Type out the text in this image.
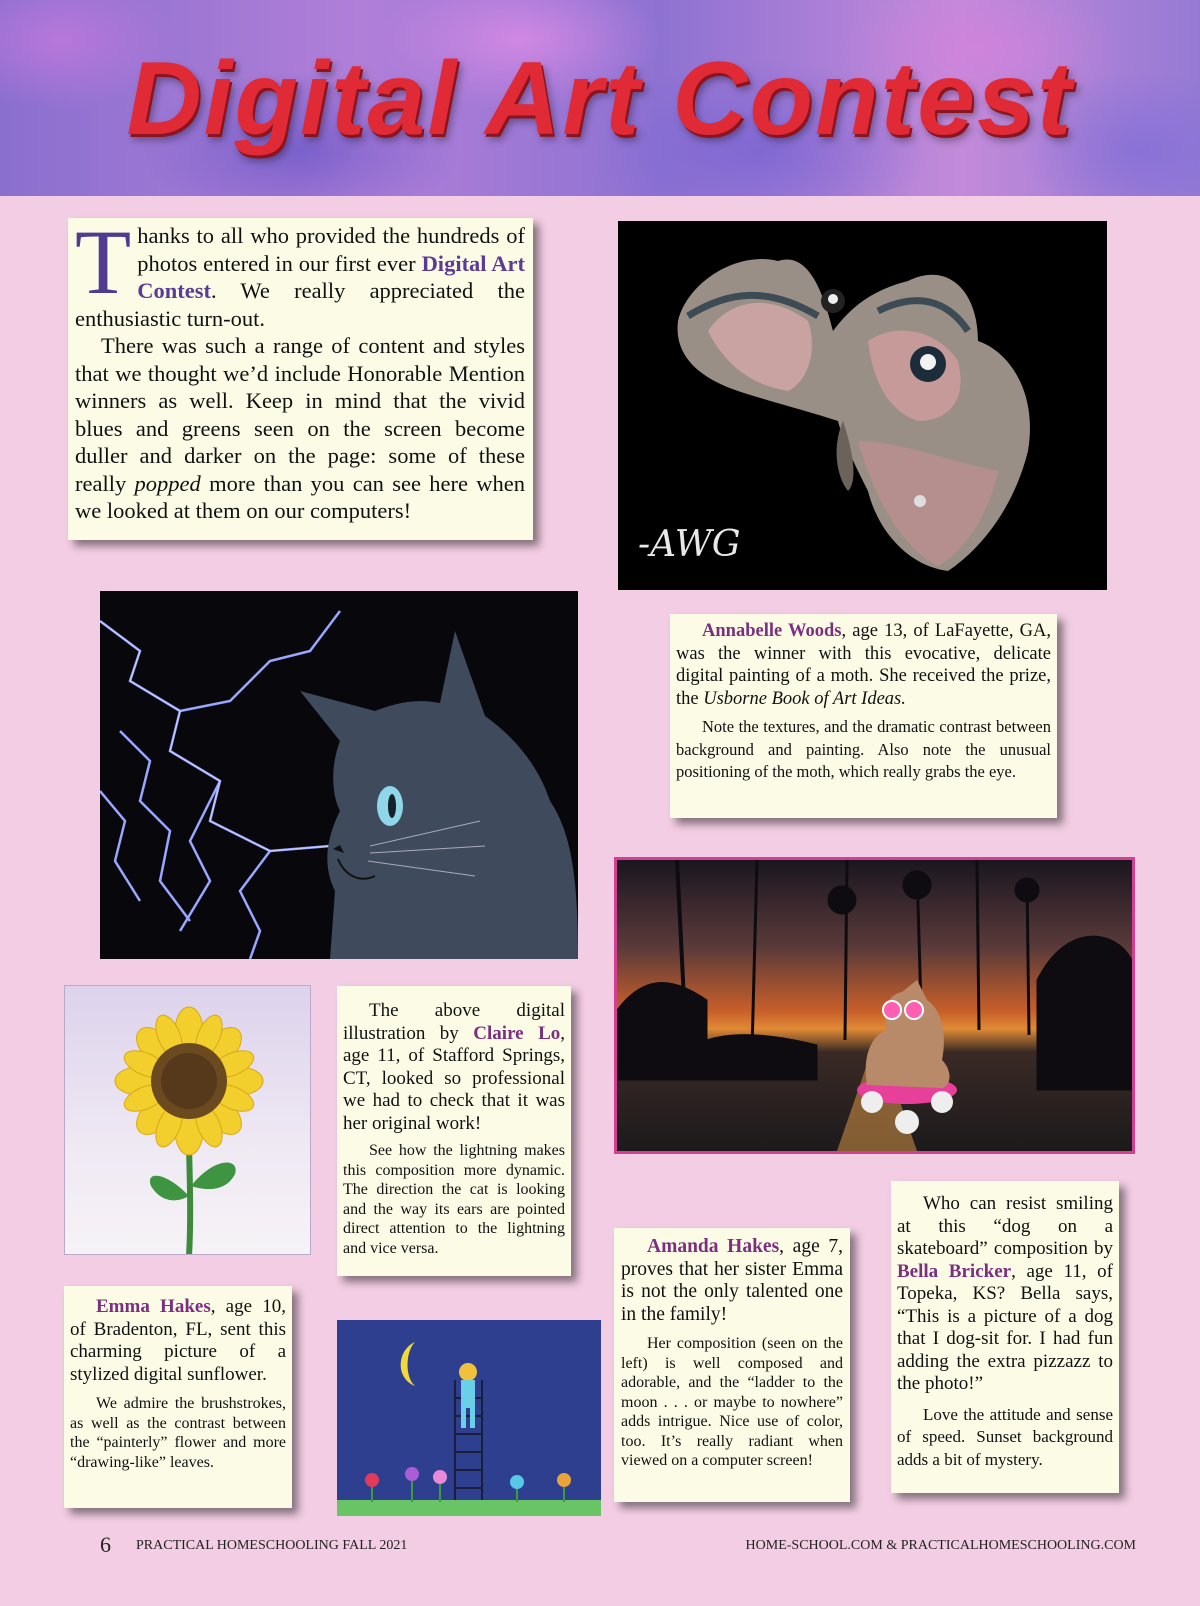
Digital Art Contest

Thanks to all who provided the hundreds of photos entered in our first ever Digital Art Contest. We really appreciated the enthusiastic turn-out.

There was such a range of content and styles that we thought we’d include Honorable Mention winners as well. Keep in mind that the vivid blues and greens seen on the screen become duller and darker on the page: some of these really popped more than you can see here when we looked at them on our computers!

-AWG

Annabelle Woods, age 13, of LaFayette, GA, was the winner with this evocative, delicate digital painting of a moth. She received the prize, the Usborne Book of Art Ideas.

Note the textures, and the dramatic contrast between background and painting. Also note the unusual positioning of the moth, which really grabs the eye.

The above digital illustration by Claire Lo, age 11, of Stafford Springs, CT, looked so professional we had to check that it was her original work!

See how the lightning makes this composition more dynamic. The direction the cat is looking and the way its ears are pointed direct attention to the lightning and vice versa.

Emma Hakes, age 10, of Bradenton, FL, sent this charming picture of a stylized digital sunflower.

We admire the brushstrokes, as well as the contrast between the “painterly” flower and more “drawing-like” leaves.

Amanda Hakes, age 7, proves that her sister Emma is not the only talented one in the family!

Her composition (seen on the left) is well composed and adorable, and the “ladder to the moon . . . or maybe to nowhere” adds intrigue. Nice use of color, too. It’s really radiant when viewed on a computer screen!

Who can resist smiling at this “dog on a skateboard” composition by Bella Bricker, age 11, of Topeka, KS? Bella says, “This is a picture of a dog that I dog-sit for. I had fun adding the extra pizzazz to the photo!”

Love the attitude and sense of speed. Sunset background adds a bit of mystery.

6 PRACTICAL HOMESCHOOLING FALL 2021	HOME-SCHOOL.COM & PRACTICALHOMESCHOOLING.COM
